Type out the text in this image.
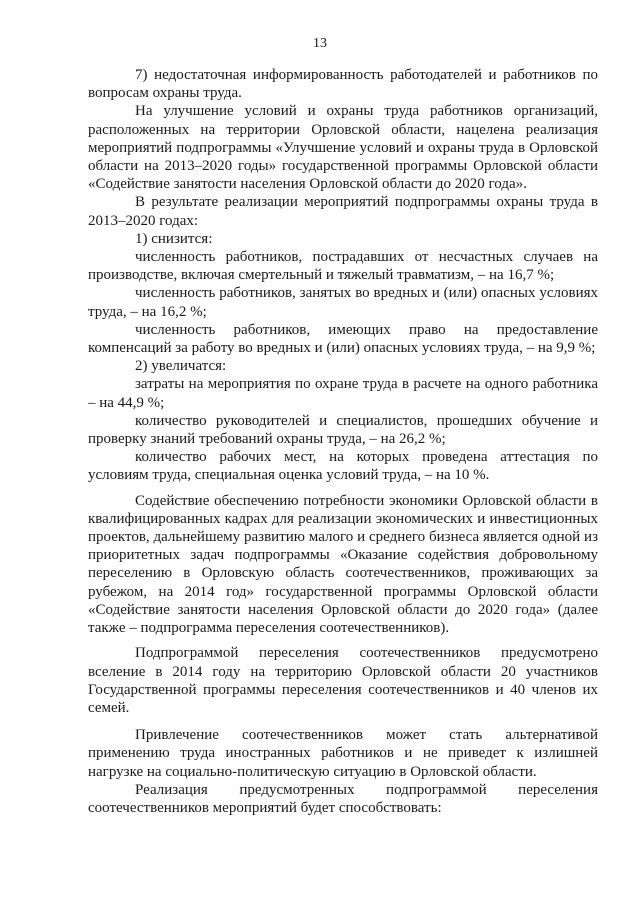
13

7) недостаточная информированность работодателей и работников по вопросам охраны труда.

На улучшение условий и охраны труда работников организаций, расположенных на территории Орловской области, нацелена реализация мероприятий подпрограммы «Улучшение условий и охраны труда в Орловской области на 2013–2020 годы» государственной программы Орловской области «Содействие занятости населения Орловской области до 2020 года».

В результате реализации мероприятий подпрограммы охраны труда в 2013–2020 годах:

1) снизится:

численность работников, пострадавших от несчастных случаев на производстве, включая смертельный и тяжелый травматизм, – на 16,7 %;

численность работников, занятых во вредных и (или) опасных условиях труда, – на 16,2 %;

численность работников, имеющих право на предоставление компенсаций за работу во вредных и (или) опасных условиях труда, – на 9,9 %;

2) увеличатся:

затраты на мероприятия по охране труда в расчете на одного работника – на 44,9 %;

количество руководителей и специалистов, прошедших обучение и проверку знаний требований охраны труда, – на 26,2 %;

количество рабочих мест, на которых проведена аттестация по условиям труда, специальная оценка условий труда, – на 10 %.

Содействие обеспечению потребности экономики Орловской области в квалифицированных кадрах для реализации экономических и инвестиционных проектов, дальнейшему развитию малого и среднего бизнеса является одной из приоритетных задач подпрограммы «Оказание содействия добровольному переселению в Орловскую область соотечественников, проживающих за рубежом, на 2014 год» государственной программы Орловской области «Содействие занятости населения Орловской области до 2020 года» (далее также – подпрограмма переселения соотечественников).

Подпрограммой переселения соотечественников предусмотрено вселение в 2014 году на территорию Орловской области 20 участников Государственной программы переселения соотечественников и 40 членов их семей.

Привлечение соотечественников может стать альтернативой применению труда иностранных работников и не приведет к излишней нагрузке на социально-политическую ситуацию в Орловской области.

Реализация предусмотренных подпрограммой переселения соотечественников мероприятий будет способствовать:
